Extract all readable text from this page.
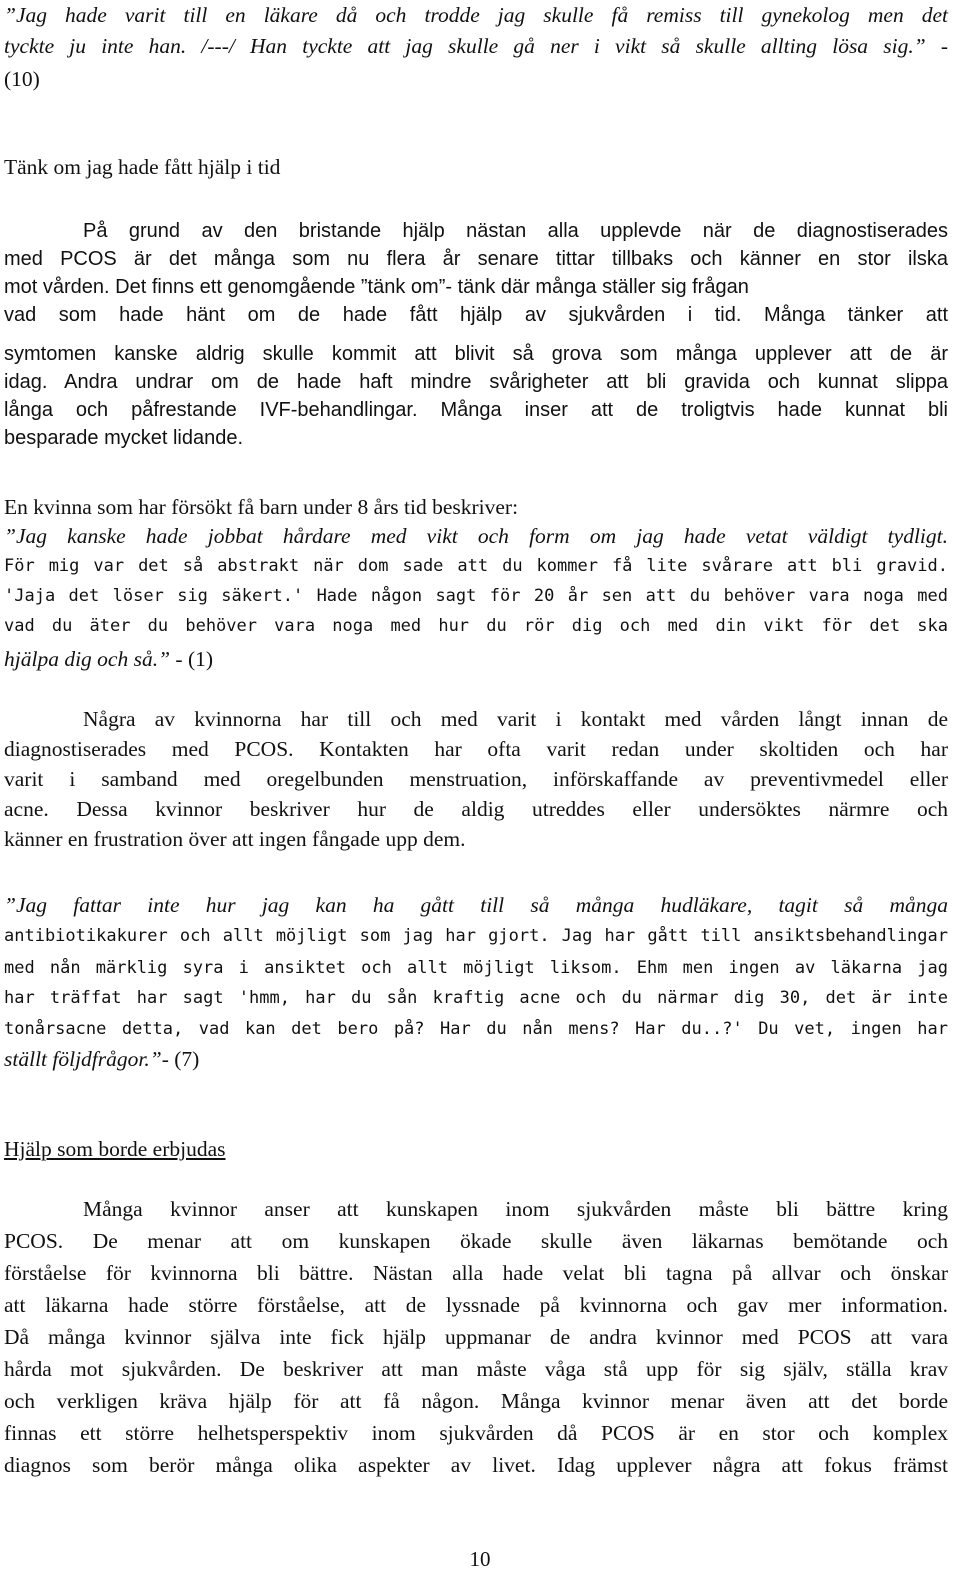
”Jag hade varit till en läkare då och trodde jag skulle få remiss till gynekolog men det
tyckte ju inte han. /---/ Han tyckte att jag skulle gå ner i vikt så skulle allting lösa sig.” -
(10)
Tänk om jag hade fått hjälp i tid
På grund av den bristande hjälp nästan alla upplevde när de diagnostiserades
med PCOS är det många som nu flera år senare tittar tillbaks och känner en stor ilska
mot vården. Det finns ett genomgående ”tänk om”- tänk där många ställer sig frågan
vad som hade hänt om de hade fått hjälp av sjukvården i tid. Många tänker att
symtomen kanske aldrig skulle kommit att blivit så grova som många upplever att de är
idag. Andra undrar om de hade haft mindre svårigheter att bli gravida och kunnat slippa
långa och påfrestande IVF-behandlingar. Många inser att de troligtvis hade kunnat bli
besparade mycket lidande.
En kvinna som har försökt få barn under 8 års tid beskriver:
”Jag kanske hade jobbat hårdare med vikt och form om jag hade vetat väldigt tydligt.
För mig var det så abstrakt när dom sade att du kommer få lite svårare att bli gravid.
'Jaja det löser sig säkert.' Hade någon sagt för 20 år sen att du behöver vara noga med
vad du äter du behöver vara noga med hur du rör dig och med din vikt för det ska
hjälpa dig och så.” - (1)
Några av kvinnorna har till och med varit i kontakt med vården långt innan de
diagnostiserades med PCOS. Kontakten har ofta varit redan under skoltiden och har
varit i samband med oregelbunden menstruation, införskaffande av preventivmedel eller
acne. Dessa kvinnor beskriver hur de aldig utreddes eller undersöktes närmre och
känner en frustration över att ingen fångade upp dem.
”Jag fattar inte hur jag kan ha gått till så många hudläkare, tagit så många
antibiotikakurer och allt möjligt som jag har gjort. Jag har gått till ansiktsbehandlingar
med nån märklig syra i ansiktet och allt möjligt liksom. Ehm men ingen av läkarna jag
har träffat har sagt 'hmm, har du sån kraftig acne och du närmar dig 30, det är inte
tonårsacne detta, vad kan det bero på? Har du nån mens? Har du..?' Du vet, ingen har
ställt följdfrågor.”- (7)
Hjälp som borde erbjudas
Många kvinnor anser att kunskapen inom sjukvården måste bli bättre kring
PCOS. De menar att om kunskapen ökade skulle även läkarnas bemötande och
förståelse för kvinnorna bli bättre. Nästan alla hade velat bli tagna på allvar och önskar
att läkarna hade större förståelse, att de lyssnade på kvinnorna och gav mer information.
Då många kvinnor själva inte fick hjälp uppmanar de andra kvinnor med PCOS att vara
hårda mot sjukvården. De beskriver att man måste våga stå upp för sig själv, ställa krav
och verkligen kräva hjälp för att få någon. Många kvinnor menar även att det borde
finnas ett större helhetsperspektiv inom sjukvården då PCOS är en stor och komplex
diagnos som berör många olika aspekter av livet. Idag upplever några att fokus främst
10
